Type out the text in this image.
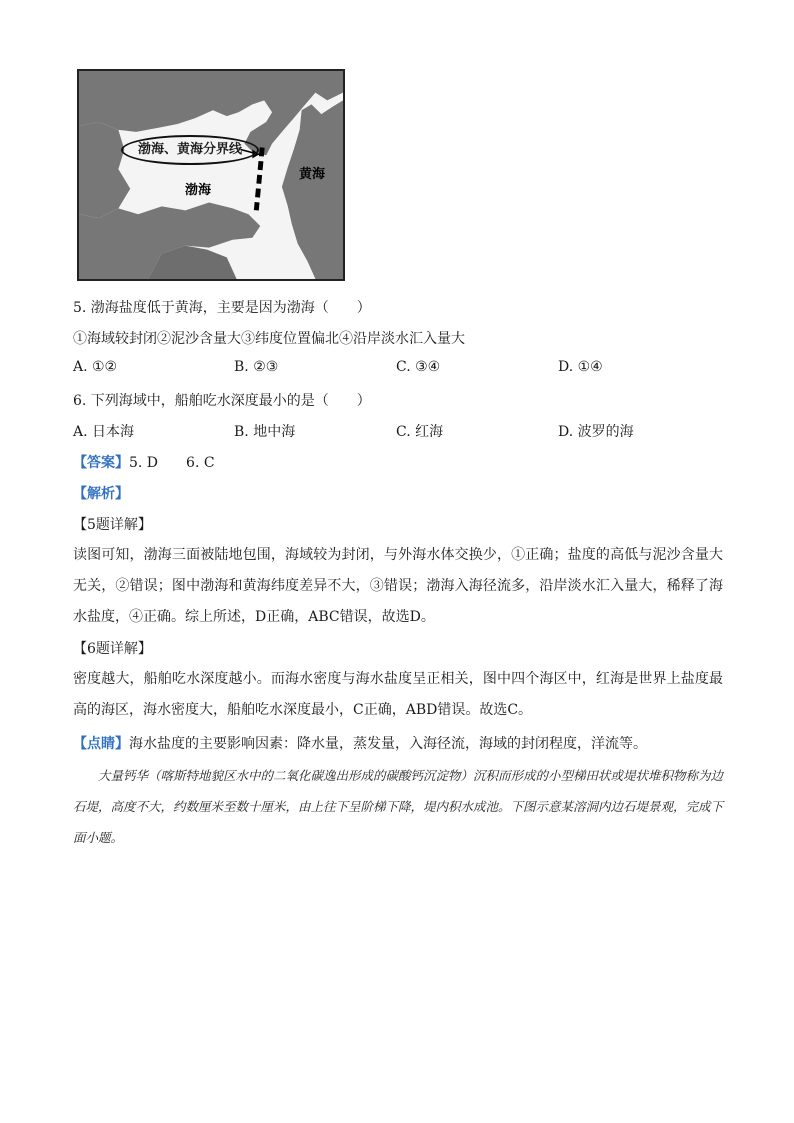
渤海、黄海分界线
渤海
黄海
5. 渤海盐度低于黄海，主要是因为渤海（　　）
①海域较封闭②泥沙含量大③纬度位置偏北④沿岸淡水汇入量大
A. ①②	B. ②③	C. ③④	D. ①④
6. 下列海域中，船舶吃水深度最小的是（　　）
A. 日本海	B. 地中海	C. 红海	D. 波罗的海
【答案】5. D　　6. C
【解析】
【5题详解】
读图可知，渤海三面被陆地包围，海域较为封闭，与外海水体交换少，①正确；盐度的高低与泥沙含量大无关，②错误；图中渤海和黄海纬度差异不大，③错误；渤海入海径流多，沿岸淡水汇入量大，稀释了海水盐度，④正确。综上所述，D正确，ABC错误，故选D。
【6题详解】
密度越大，船舶吃水深度越小。而海水密度与海水盐度呈正相关，图中四个海区中，红海是世界上盐度最高的海区，海水密度大，船舶吃水深度最小，C正确，ABD错误。故选C。
【点睛】海水盐度的主要影响因素：降水量，蒸发量，入海径流，海域的封闭程度，洋流等。
大量钙华（喀斯特地貌区水中的二氧化碳逸出形成的碳酸钙沉淀物）沉积而形成的小型梯田状或堤状堆积物称为边石堤，高度不大，约数厘米至数十厘米，由上往下呈阶梯下降，堤内积水成池。下图示意某溶洞内边石堤景观，完成下面小题。
